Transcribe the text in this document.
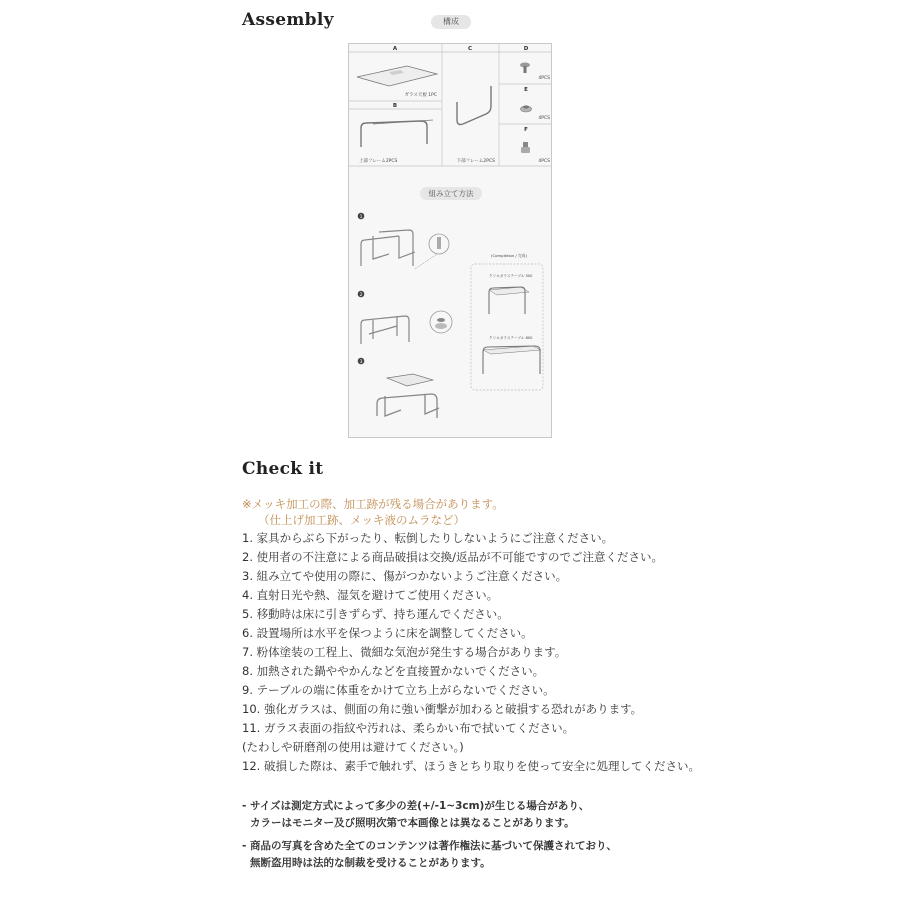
Assembly	構成
A	C	D
B
E
F
ガラス天板 1PC
上部フレーム2PCS	下部フレーム2PCS
4PCS
4PCS
4PCS
1
2
3
(Completion / 完成)
クリロガラステーブル 500
クリロガラステーブル 800
組み立て方法
Check it
※メッキ加工の際、加工跡が残る場合があります。
（仕上げ加工跡、メッキ液のムラなど）
1. 家具からぶら下がったり、転倒したりしないようにご注意ください。
2. 使用者の不注意による商品破損は交換/返品が不可能ですのでご注意ください。
3. 組み立てや使用の際に、傷がつかないようご注意ください。
4. 直射日光や熱、湿気を避けてご使用ください。
5. 移動時は床に引きずらず、持ち運んでください。
6. 設置場所は水平を保つように床を調整してください。
7. 粉体塗装の工程上、微細な気泡が発生する場合があります。
8. 加熱された鍋ややかんなどを直接置かないでください。
9. テーブルの端に体重をかけて立ち上がらないでください。
10. 強化ガラスは、側面の角に強い衝撃が加わると破損する恐れがあります。
11. ガラス表面の指紋や汚れは、柔らかい布で拭いてください。
(たわしや研磨剤の使用は避けてください。)
12. 破損した際は、素手で触れず、ほうきとちり取りを使って安全に処理してください。
- サイズは測定方式によって多少の差(+/-1~3cm)が生じる場合があり、
カラーはモニター及び照明次第で本画像とは異なることがあります。
- 商品の写真を含めた全てのコンテンツは著作権法に基づいて保護されており、
無断盗用時は法的な制裁を受けることがあります。
